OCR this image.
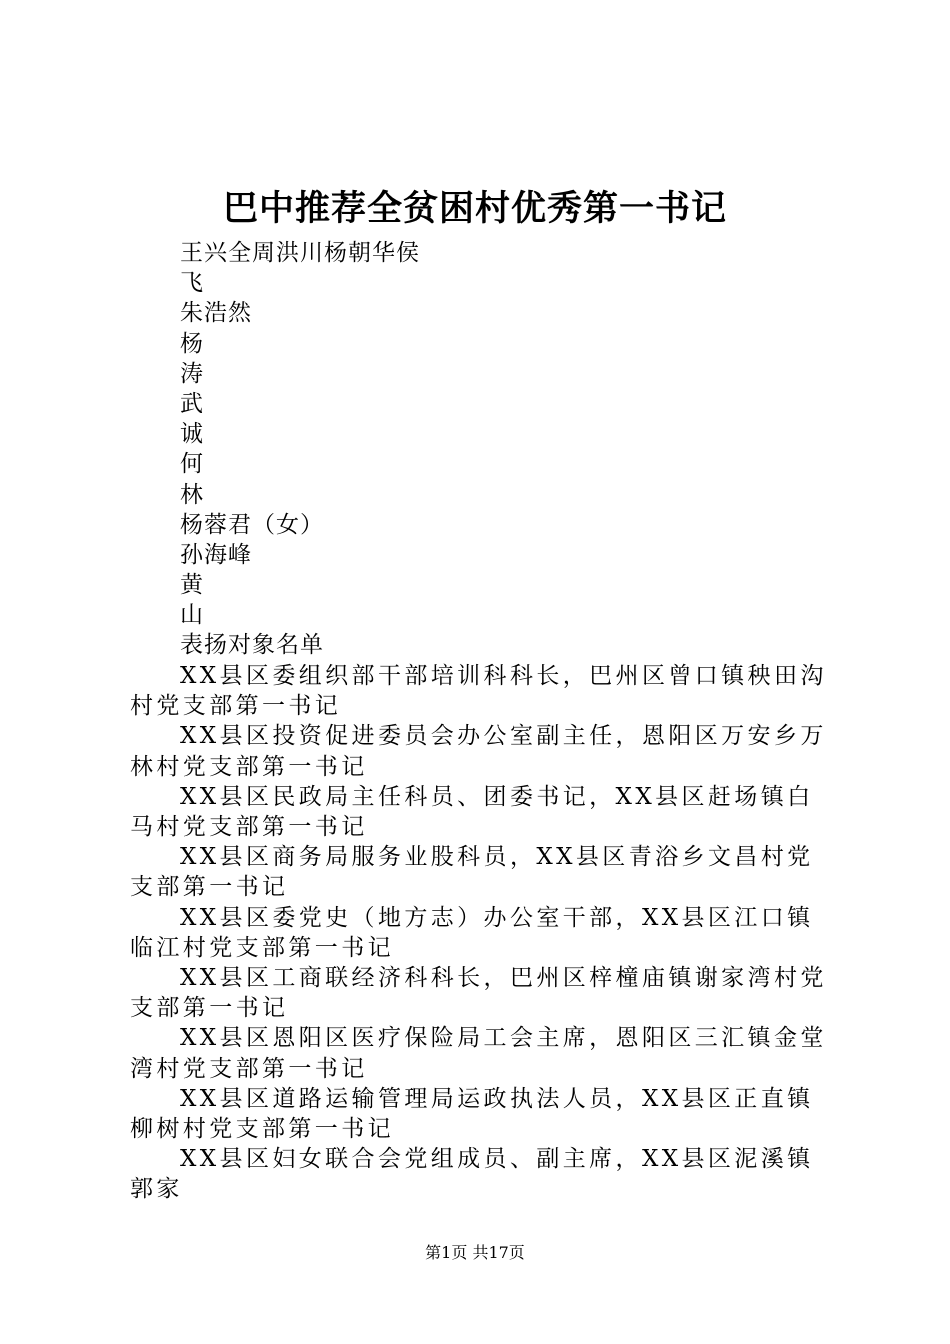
巴中推荐全贫困村优秀第一书记
王兴全周洪川杨朝华侯
飞
朱浩然
杨
涛
武
诚
何
林
杨蓉君（女）
孙海峰
黄
山
表扬对象名单

XX县区委组织部干部培训科科长，巴州区曾口镇秧田沟村党支部第一书记

XX县区投资促进委员会办公室副主任，恩阳区万安乡万林村党支部第一书记

XX县区民政局主任科员、团委书记，XX县区赶场镇白马村党支部第一书记

XX县区商务局服务业股科员，XX县区青浴乡文昌村党支部第一书记

XX县区委党史（地方志）办公室干部，XX县区江口镇临江村党支部第一书记

XX县区工商联经济科科长，巴州区梓橦庙镇谢家湾村党支部第一书记

XX县区恩阳区医疗保险局工会主席，恩阳区三汇镇金堂湾村党支部第一书记

XX县区道路运输管理局运政执法人员，XX县区正直镇柳树村党支部第一书记

XX县区妇女联合会党组成员、副主席，XX县区泥溪镇郭家

第1页 共17页
